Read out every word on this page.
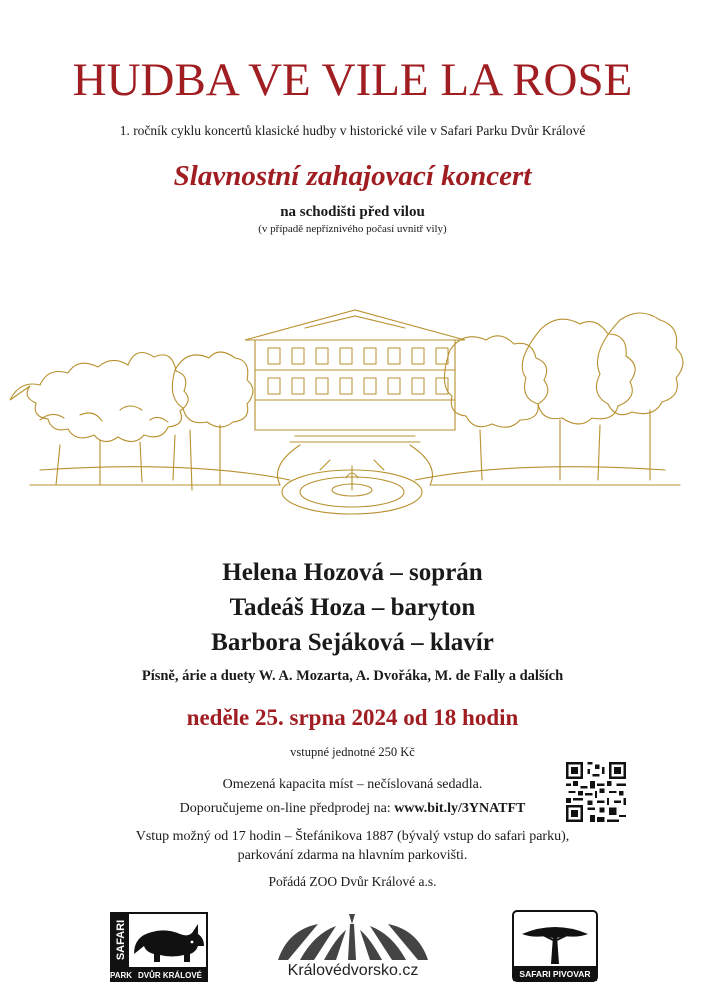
HUDBA VE VILE LA ROSE
1. ročník cyklu koncertů klasické hudby v historické vile v Safari Parku Dvůr Králové
Slavnostní zahajovací koncert
na schodišti před vilou
(v případě nepříznivého počasí uvnitř vily)
Helena Hozová – soprán
Tadeáš Hoza – baryton
Barbora Sejáková – klavír
Písně, árie a duety W. A. Mozarta, A. Dvořáka, M. de Fally a dalších
neděle 25. srpna 2024 od 18 hodin
vstupné jednotné 250 Kč
Omezená kapacita míst – nečíslovaná sedadla.
Doporučujeme on-line předprodej na: www.bit.ly/3YNATFT
Vstup možný od 17 hodin – Štefánikova 1887 (bývalý vstup do safari parku),
parkování zdarma na hlavním parkovišti.
Pořádá ZOO Dvůr Králové a.s.
SAFARI
PARK DVŮR KRÁLOVÉ	Královédvorsko.cz	SAFARI PIVOVAR
